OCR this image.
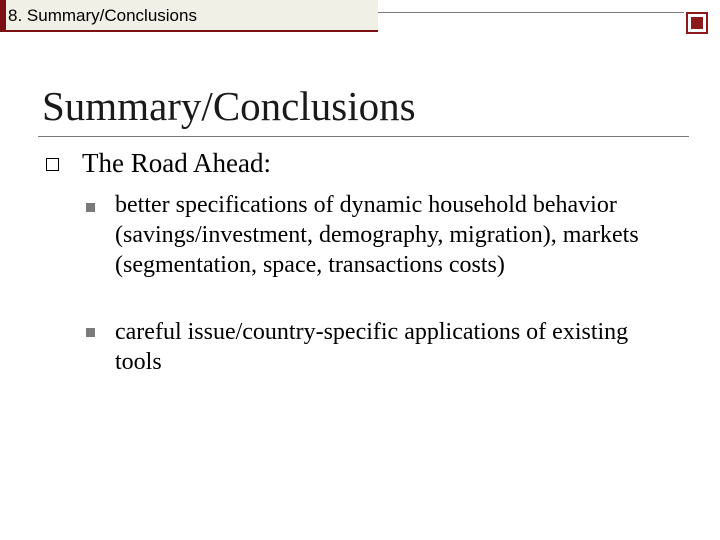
8. Summary/Conclusions
Summary/Conclusions
The Road Ahead:
better specifications of dynamic household behavior (savings/investment, demography, migration), markets (segmentation, space, transactions costs)
careful issue/country-specific applications of existing tools
